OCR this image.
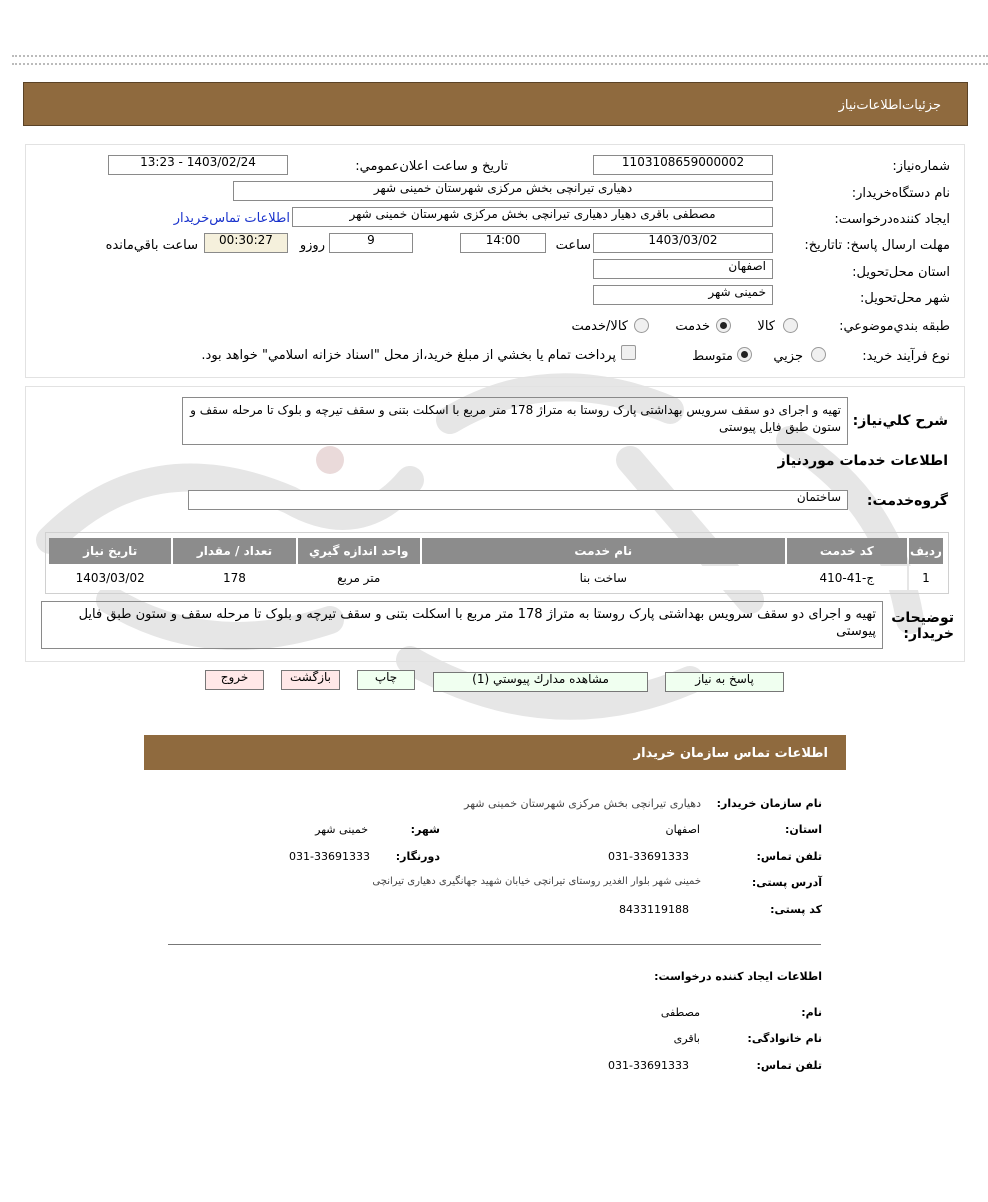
جزئيات‌اطلاعات‌نياز
شماره‌نياز:
1103108659000002
تاريخ و ساعت اعلان‌عمومي:
1403/02/24 - 13:23
نام دستگاه‌خريدار:
دهیاری تیرانچی بخش مرکزی شهرستان خمینی شهر
ايجاد كننده‌درخواست:
مصطفی باقری دهیار دهیاری تیرانچی بخش مرکزی شهرستان خمینی شهر
اطلاعات تماس‌خريدار
مهلت ارسال پاسخ: تاتاريخ:
1403/03/02
ساعت
14:00
9
روزو
00:30:27
ساعت باقي‌مانده
استان محل‌تحويل:
اصفهان
شهر محل‌تحويل:
خمینی شهر
طبقه بندي‌موضوعي:
كالا
خدمت
كالا/خدمت
نوع فرآيند خريد:
جزيي
متوسط
پرداخت تمام يا بخشي از مبلغ خريد،از محل "اسناد خزانه اسلامي" خواهد بود.
شرح كلي‌نياز:
تهیه و اجرای دو سقف سرویس بهداشتی پارک روستا به متراژ 178 متر مربع با اسکلت بتنی و سقف تیرچه و بلوک تا مرحله سقف و ستون طبق فایل پیوستی
اطلاعات خدمات مورد‌نياز
گروه‌خدمت:
ساختمان
رديف	كد خدمت	نام خدمت	واحد اندازه گيري	تعداد / مقدار	تاريخ نياز
1	ج-41-410	ساخت بنا	متر مربع	178	1403/03/02
توضيحات خريدار:
تهیه و اجرای دو سقف سرویس بهداشتی پارک روستا به متراژ 178 متر مربع با اسکلت بتنی و سقف تیرچه و بلوک تا مرحله سقف و ستون طبق فایل پیوستی
پاسخ به نياز
مشاهده مدارك پيوستي (1)
چاپ
بازگشت
خروج
اطلاعات تماس سازمان خریدار
نام سازمان خریدار:
دهیاری تیرانچی بخش مرکزی شهرستان خمینی شهر
استان:
اصفهان
شهر:
خمینی شهر
تلفن تماس:
031-33691333
دورنگار:
031-33691333
آدرس پستی:
خمینی شهر بلوار الغدیر روستای تیرانچی خیابان شهید جهانگیری دهیاری تیرانچی
کد پستی:
8433119188
اطلاعات ایجاد کننده درخواست:
نام:
مصطفی
نام خانوادگی:
باقری
تلفن تماس:
031-33691333
